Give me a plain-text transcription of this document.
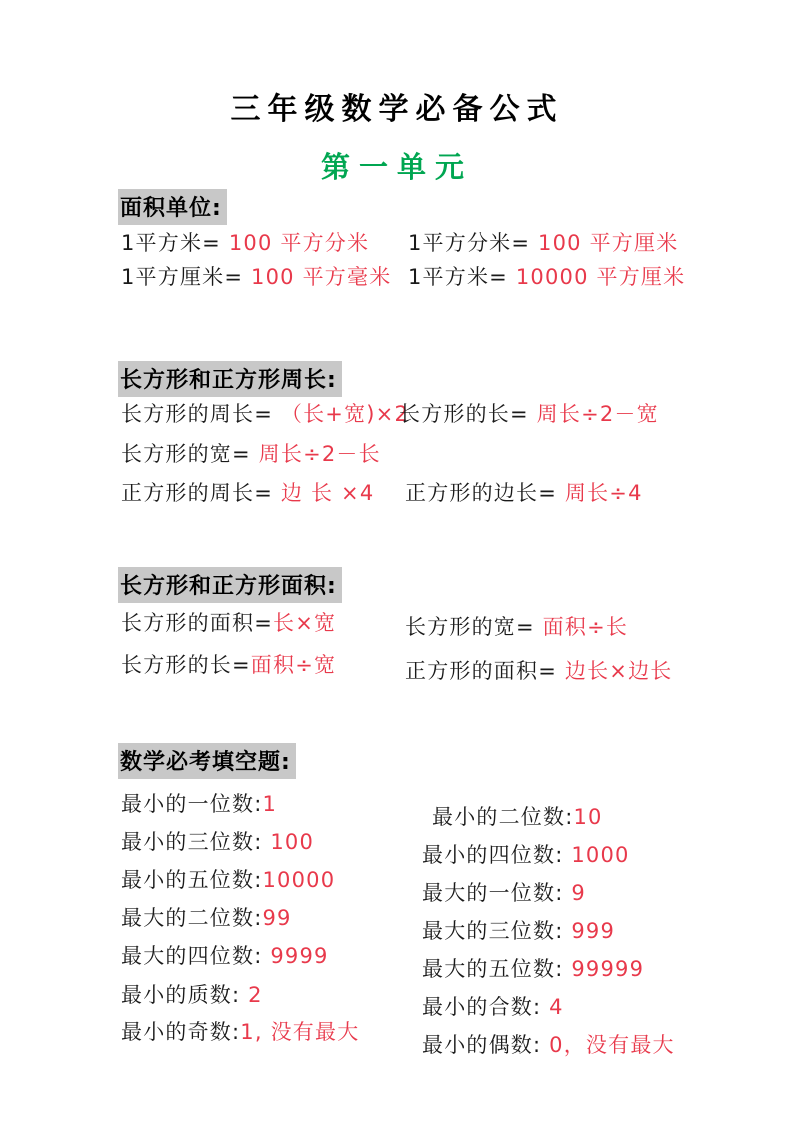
三年级数学必备公式
第一单元
面积单位:
1平方米= 100 平方分米 1平方分米= 100 平方厘米
1平方厘米= 100 平方毫米 1平方米= 10000 平方厘米
长方形和正方形周长:
长方形的周长= （长+宽)×2
长方形的长= 周长÷2－宽
长方形的宽= 周长÷2－长
正方形的周长= 边 长 ×4 正方形的边长= 周长÷4
长方形和正方形面积:
长方形的面积=长×宽
长方形的长=面积÷宽
长方形的宽= 面积÷长
正方形的面积= 边长×边长
数学必考填空题:
最小的一位数:1
最小的三位数: 100
最小的五位数:10000
最大的二位数:99
最大的四位数: 9999
最小的质数: 2
最小的奇数:1, 没有最大
最小的二位数:10
最小的四位数: 1000
最大的一位数: 9
最大的三位数: 999
最大的五位数: 99999
最小的合数: 4
最小的偶数: 0，没有最大
